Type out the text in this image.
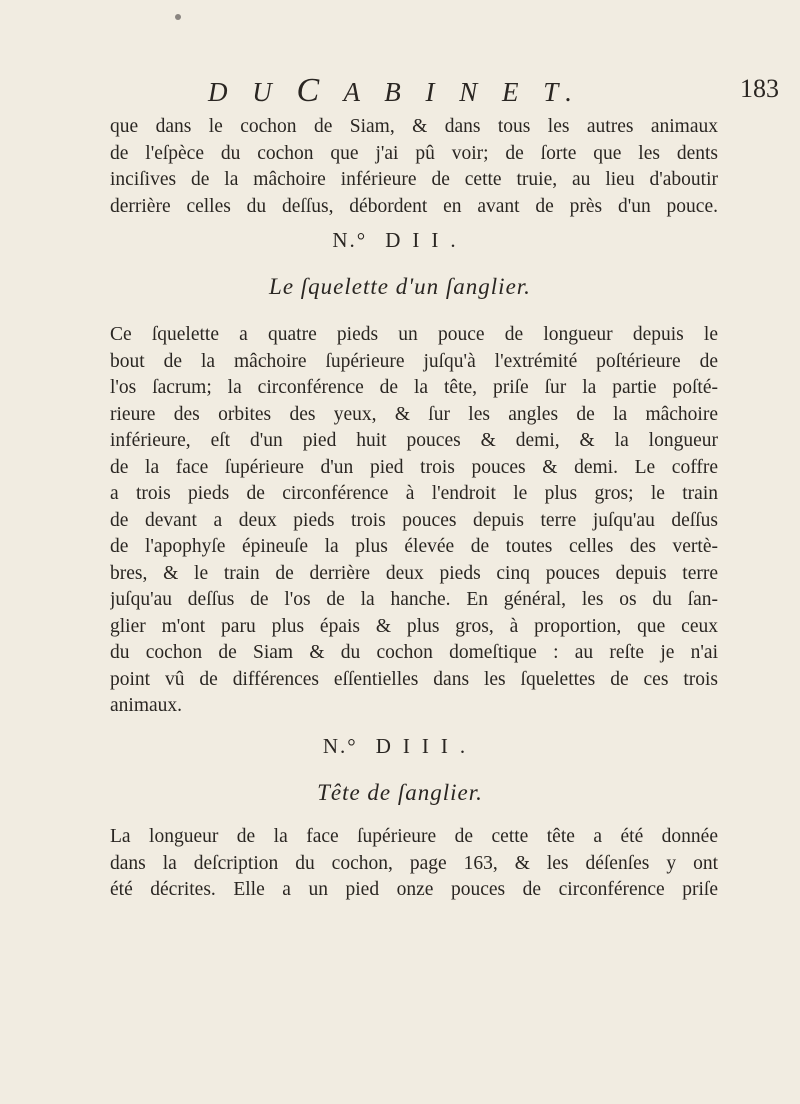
D U C A B I N E T.	183
que dans le cochon de Siam, & dans tous les autres animaux
de l'eſpèce du cochon que j'ai pû voir; de ſorte que les dents
inciſives de la mâchoire inférieure de cette truie, au lieu d'aboutir
derrière celles du deſſus, débordent en avant de près d'un pouce.
N.° DII.
Le ſquelette d'un ſanglier.
Ce ſquelette a quatre pieds un pouce de longueur depuis le
bout de la mâchoire ſupérieure juſqu'à l'extrémité poſtérieure de
l'os ſacrum; la circonférence de la tête, priſe ſur la partie poſté-
rieure des orbites des yeux, & ſur les angles de la mâchoire
inférieure, eſt d'un pied huit pouces & demi, & la longueur
de la face ſupérieure d'un pied trois pouces & demi. Le coffre
a trois pieds de circonférence à l'endroit le plus gros; le train
de devant a deux pieds trois pouces depuis terre juſqu'au deſſus
de l'apophyſe épineuſe la plus élevée de toutes celles des vertè-
bres, & le train de derrière deux pieds cinq pouces depuis terre
juſqu'au deſſus de l'os de la hanche. En général, les os du ſan-
glier m'ont paru plus épais & plus gros, à proportion, que ceux
du cochon de Siam & du cochon domeſtique : au reſte je n'ai
point vû de différences eſſentielles dans les ſquelettes de ces trois
animaux.
N.° DIII.
Tête de ſanglier.
La longueur de la face ſupérieure de cette tête a été donnée
dans la deſcription du cochon, page 163, & les déſenſes y ont
été décrites. Elle a un pied onze pouces de circonférence priſe
